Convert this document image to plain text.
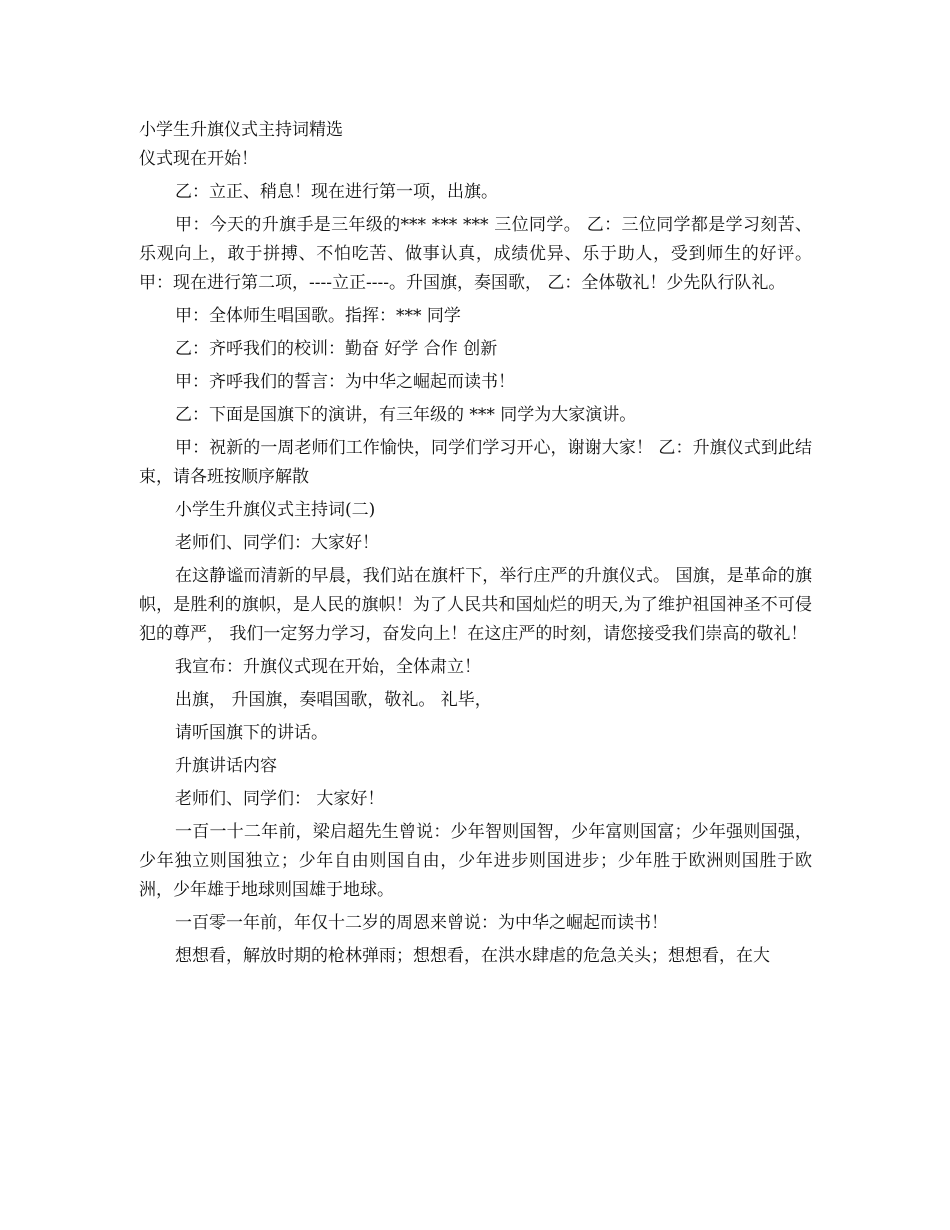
小学生升旗仪式主持词精选

仪式现在开始！

乙：立正、稍息！现在进行第一项，出旗。

甲：今天的升旗手是三年级的*** *** *** 三位同学。 乙：三位同学都是学习刻苦、乐观向上，敢于拼搏、不怕吃苦、做事认真，成绩优异、乐于助人，受到师生的好评。 甲：现在进行第二项，----立正----。升国旗，奏国歌， 乙：全体敬礼！少先队行队礼。

甲：全体师生唱国歌。指挥：*** 同学

乙：齐呼我们的校训：勤奋 好学 合作 创新

甲：齐呼我们的誓言：为中华之崛起而读书！

乙：下面是国旗下的演讲，有三年级的 *** 同学为大家演讲。

甲：祝新的一周老师们工作愉快，同学们学习开心，谢谢大家！ 乙：升旗仪式到此结束，请各班按顺序解散

小学生升旗仪式主持词(二)

老师们、同学们：大家好！

在这静谧而清新的早晨，我们站在旗杆下，举行庄严的升旗仪式。 国旗，是革命的旗帜，是胜利的旗帜，是人民的旗帜！为了人民共和国灿烂的明天,为了维护祖国神圣不可侵犯的尊严， 我们一定努力学习，奋发向上！在这庄严的时刻，请您接受我们崇高的敬礼！

我宣布：升旗仪式现在开始，全体肃立！

出旗， 升国旗，奏唱国歌，敬礼。 礼毕，

请听国旗下的讲话。

升旗讲话内容

老师们、同学们： 大家好！

一百一十二年前，梁启超先生曾说：少年智则国智，少年富则国富；少年强则国强，少年独立则国独立；少年自由则国自由，少年进步则国进步；少年胜于欧洲则国胜于欧洲，少年雄于地球则国雄于地球。

一百零一年前，年仅十二岁的周恩来曾说：为中华之崛起而读书！

想想看，解放时期的枪林弹雨；想想看，在洪水肆虐的危急关头；想想看，在大
